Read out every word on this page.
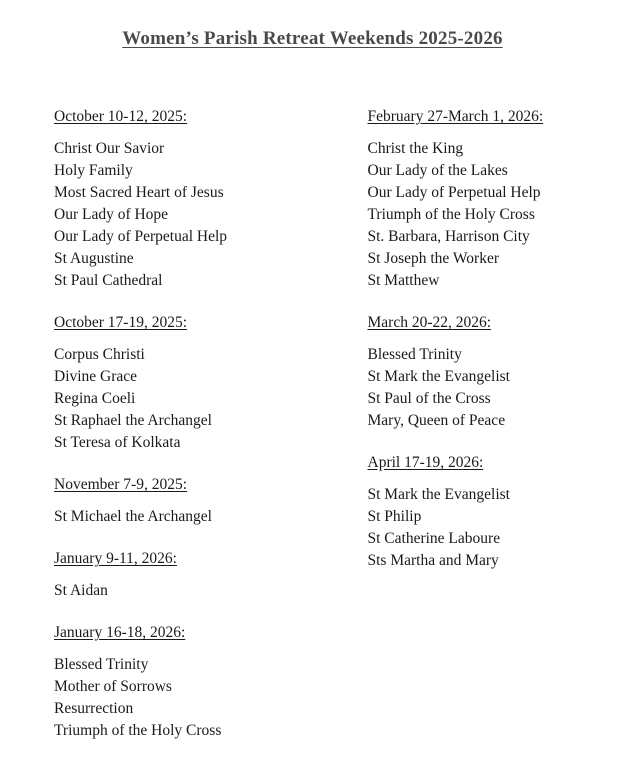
Women’s Parish Retreat Weekends 2025-2026
October 10-12, 2025:
Christ Our Savior
Holy Family
Most Sacred Heart of Jesus
Our Lady of Hope
Our Lady of Perpetual Help
St Augustine
St Paul Cathedral
October 17-19, 2025:
Corpus Christi
Divine Grace
Regina Coeli
St Raphael the Archangel
St Teresa of Kolkata
November 7-9, 2025:
St Michael the Archangel
January 9-11, 2026:
St Aidan
January 16-18, 2026:
Blessed Trinity
Mother of Sorrows
Resurrection
Triumph of the Holy Cross
February 27-March 1, 2026:
Christ the King
Our Lady of the Lakes
Our Lady of Perpetual Help
Triumph of the Holy Cross
St. Barbara, Harrison City
St Joseph the Worker
St Matthew
March 20-22, 2026:
Blessed Trinity
St Mark the Evangelist
St Paul of the Cross
Mary, Queen of Peace
April 17-19, 2026:
St Mark the Evangelist
St Philip
St Catherine Laboure
Sts Martha and Mary
